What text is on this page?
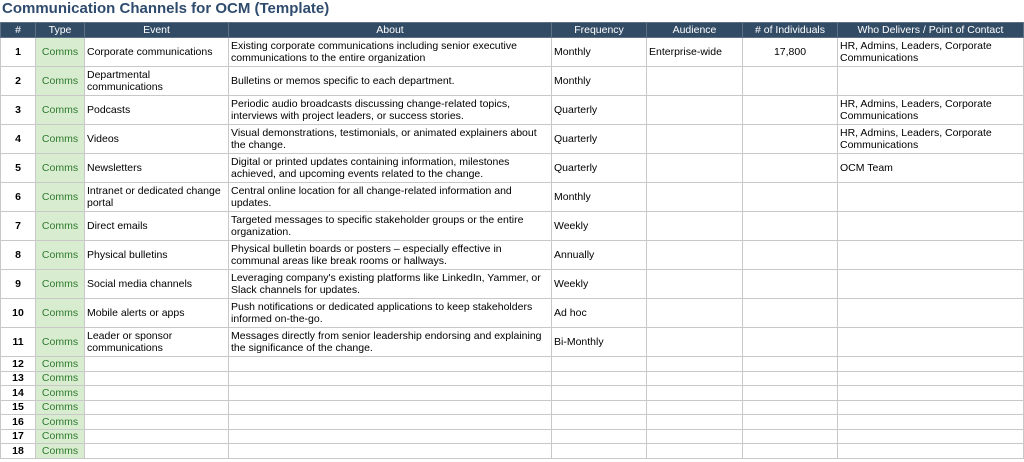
Communication Channels for OCM (Template)
#	Type	Event	About	Frequency	Audience	# of Individuals	Who Delivers / Point of Contact
1	Comms	Corporate communications	Existing corporate communications including senior executive communications to the entire organization	Monthly	Enterprise-wide	17,800	HR, Admins, Leaders, Corporate Communications
2	Comms	Departmental communications	Bulletins or memos specific to each department.	Monthly			
3	Comms	Podcasts	Periodic audio broadcasts discussing change-related topics, interviews with project leaders, or success stories.	Quarterly			HR, Admins, Leaders, Corporate Communications
4	Comms	Videos	Visual demonstrations, testimonials, or animated explainers about the change.	Quarterly			HR, Admins, Leaders, Corporate Communications
5	Comms	Newsletters	Digital or printed updates containing information, milestones achieved, and upcoming events related to the change.	Quarterly			OCM Team
6	Comms	Intranet or dedicated change portal	Central online location for all change-related information and updates.	Monthly			
7	Comms	Direct emails	Targeted messages to specific stakeholder groups or the entire organization.	Weekly			
8	Comms	Physical bulletins	Physical bulletin boards or posters – especially effective in communal areas like break rooms or hallways.	Annually			
9	Comms	Social media channels	Leveraging company's existing platforms like LinkedIn, Yammer, or Slack channels for updates.	Weekly			
10	Comms	Mobile alerts or apps	Push notifications or dedicated applications to keep stakeholders informed on-the-go.	Ad hoc			
11	Comms	Leader or sponsor communications	Messages directly from senior leadership endorsing and explaining the significance of the change.	Bi-Monthly			
12	Comms						
13	Comms						
14	Comms						
15	Comms						
16	Comms						
17	Comms						
18	Comms						
